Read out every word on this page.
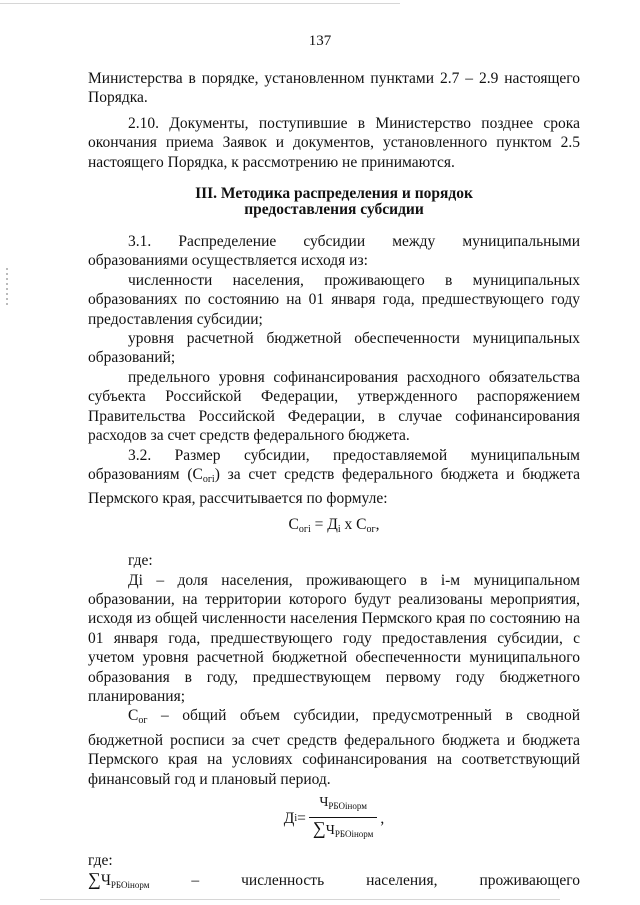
137

Министерства в порядке, установленном пунктами 2.7 – 2.9 настоящего Порядка.

2.10. Документы, поступившие в Министерство позднее срока окончания приема Заявок и документов, установленного пунктом 2.5 настоящего Порядка, к рассмотрению не принимаются.

III. Методика распределения и порядок

предоставления субсидии

3.1. Распределение субсидии между муниципальными образованиями осуществляется исходя из:

численности населения, проживающего в муниципальных образованиях по состоянию на 01 января года, предшествующего году предоставления субсидии;

уровня расчетной бюджетной обеспеченности муниципальных образований;

предельного уровня софинансирования расходного обязательства субъекта Российской Федерации, утвержденного распоряжением Правительства Российской Федерации, в случае софинансирования расходов за счет средств федерального бюджета.

3.2. Размер субсидии, предоставляемой муниципальным образованиям $(С_{огі})$ за счет средств федерального бюджета и бюджета Пермского края, рассчитывается по формуле:

$С_{огі} = Д_і$ х $С_{ог}$,

где:

Ді – доля населения, проживающего в і-м муниципальном образовании, на территории которого будут реализованы мероприятия, исходя из общей численности населения Пермского края по состоянию на 01 января года, предшествующего году предоставления субсидии, с учетом уровня расчетной бюджетной обеспеченности муниципального образования в году, предшествующем первому году бюджетного планирования;

$С_{ог}$ – общий объем субсидии, предусмотренный в сводной бюджетной росписи за счет средств федерального бюджета и бюджета Пермского края на условиях софинансирования на соответствующий финансовый год и плановый период.

Д $і = \frac{Ч_{РБОінорм}}{\sum Ч_{РБОінорм}}$ ,

где:

∑ЧРБОінорм	–	численность	населения,	проживающего
